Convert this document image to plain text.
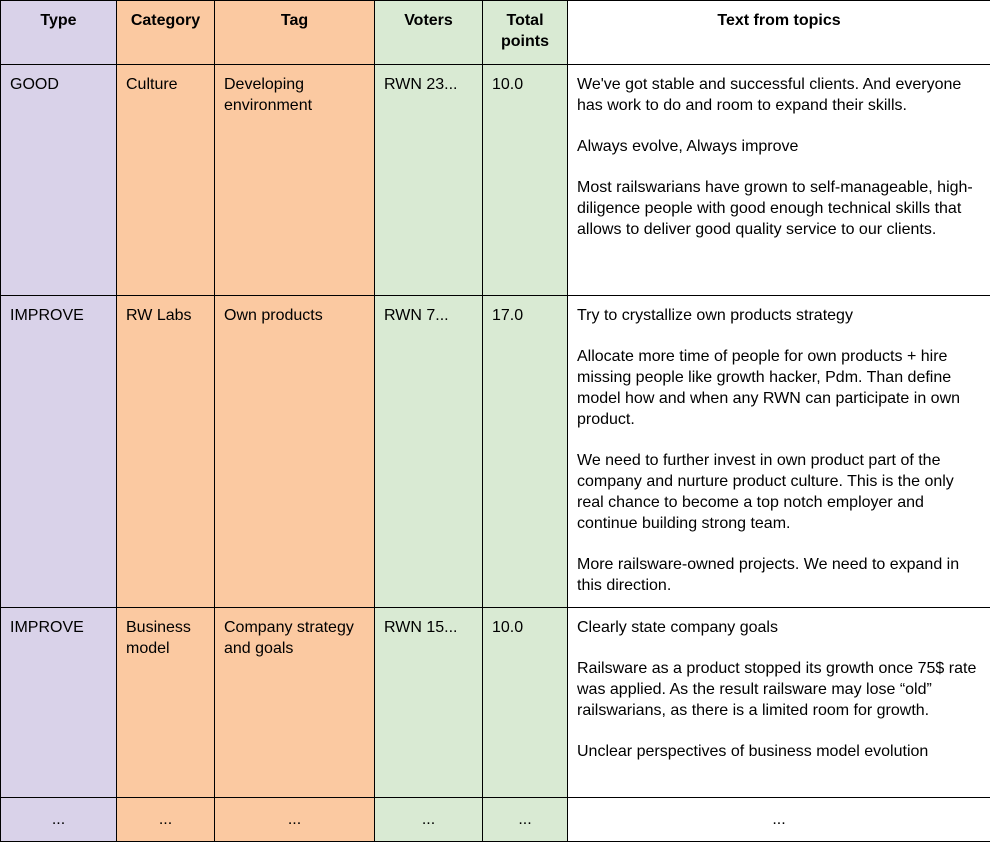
Type	Category	Tag	Voters	Total points	Text from topics
GOOD	Culture	Developing environment	RWN 23...	10.0	We've got stable and successful clients. And everyone has work to do and room to expand their skills.

Always evolve, Always improve

Most railswarians have grown to self-manageable, high-diligence people with good enough technical skills that allows to deliver good quality service to our clients.

IMPROVE	RW Labs	Own products	RWN 7...	17.0	Try to crystallize own products strategy

Allocate more time of people for own products + hire missing people like growth hacker, Pdm. Than define model how and when any RWN can participate in own product.

We need to further invest in own product part of the company and nurture product culture. This is the only real chance to become a top notch employer and continue building strong team.

More railsware-owned projects. We need to expand in this direction.

IMPROVE	Business model	Company strategy and goals	RWN 15...	10.0	Clearly state company goals

Railsware as a product stopped its growth once 75$ rate was applied. As the result railsware may lose “old” railswarians, as there is a limited room for growth.

Unclear perspectives of business model evolution

...	...	...	...	...	...
